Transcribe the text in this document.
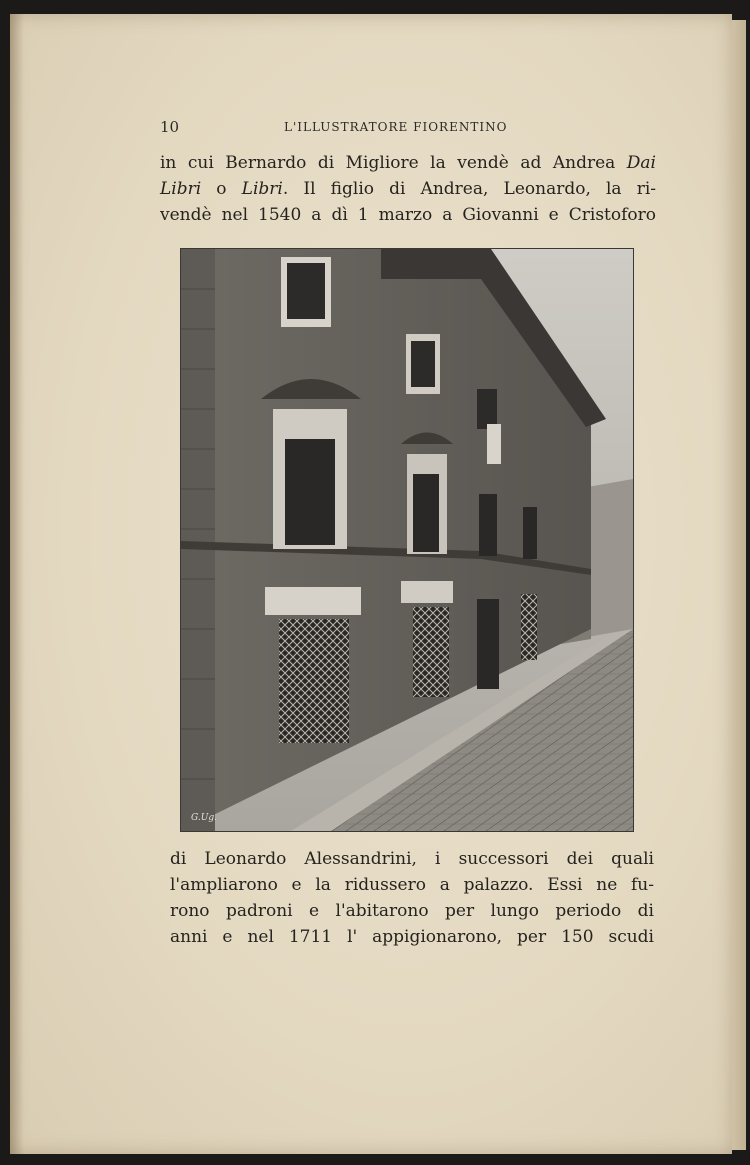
10	L'ILLUSTRATORE FIORENTINO
in cui Bernardo di Migliore la vendè ad Andrea Dai
Libri o Libri. Il figlio di Andrea, Leonardo, la ri-
vendè nel 1540 a dì 1 marzo a Giovanni e Cristoforo
G.Ug.
di Leonardo Alessandrini, i successori dei quali
l'ampliarono e la ridussero a palazzo. Essi ne fu-
rono padroni e l'abitarono per lungo periodo di
anni e nel 1711 l' appigionarono, per 150 scudi
